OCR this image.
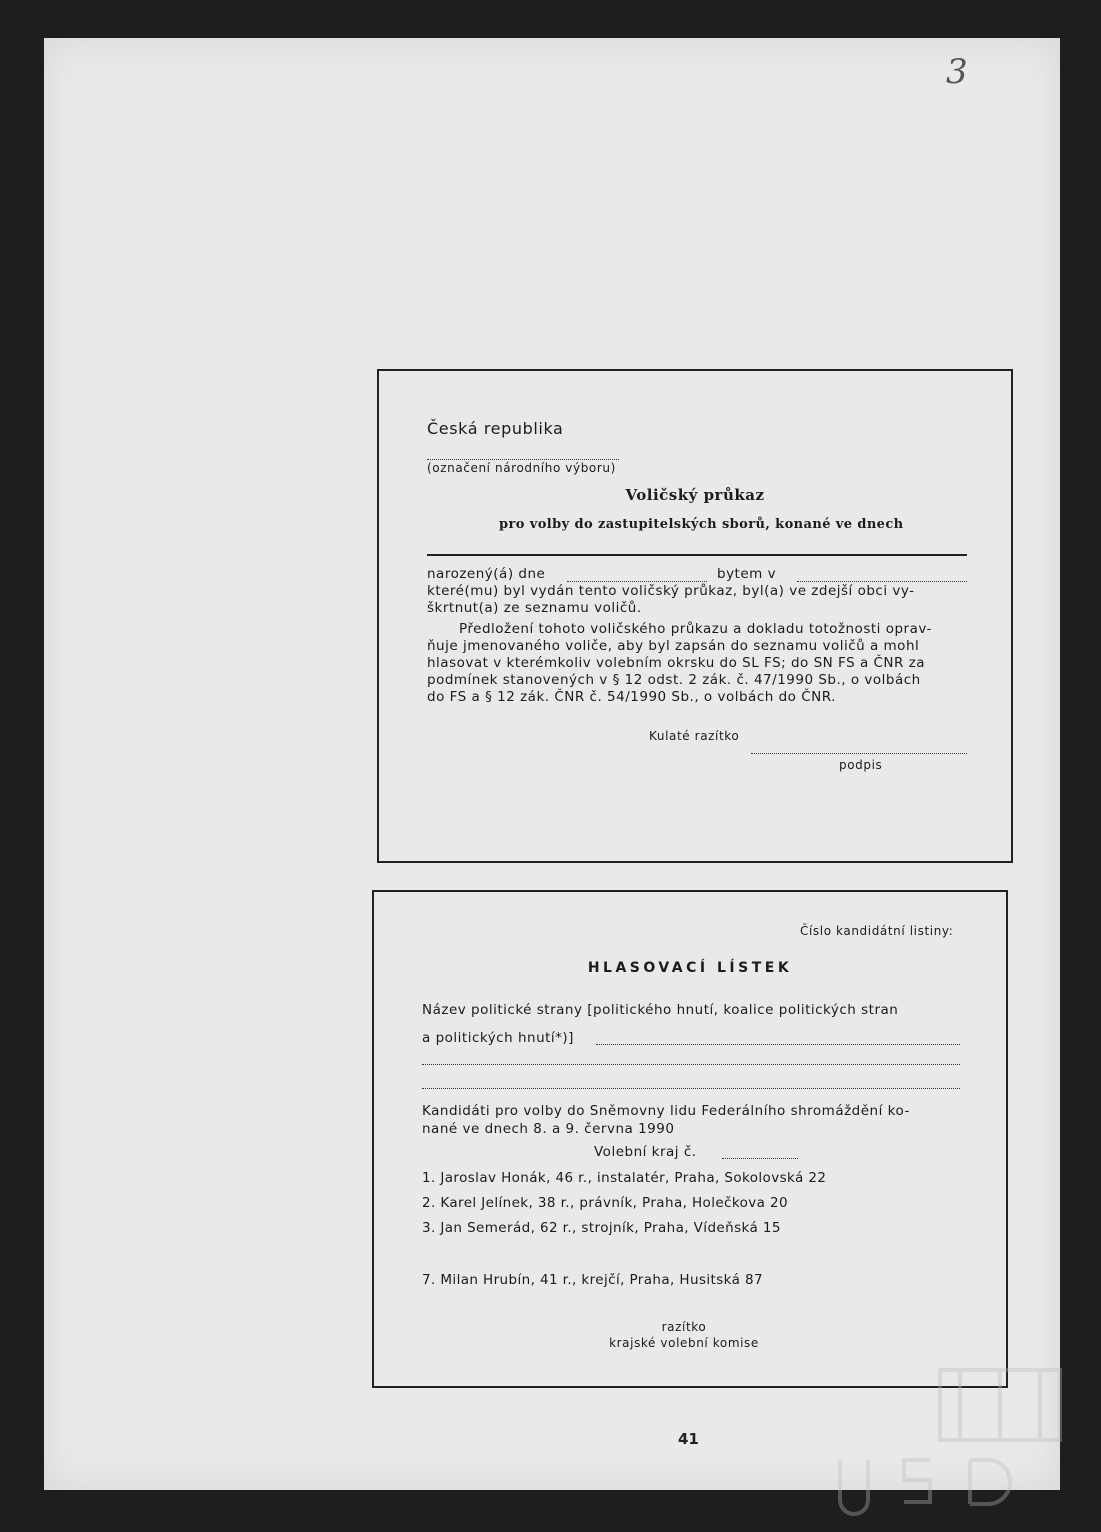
3
Česká republika
(označení národního výboru)
Voličský průkaz
pro volby do zastupitelských sborů, konané ve dnech
narozený(á) dne	bytem v
které(mu) byl vydán tento voličský průkaz, byl(a) ve zdejší obci vy-
škrtnut(a) ze seznamu voličů.
Předložení tohoto voličského průkazu a dokladu totožnosti oprav-
ňuje jmenovaného voliče, aby byl zapsán do seznamu voličů a mohl
hlasovat v kterémkoliv volebním okrsku do SL FS; do SN FS a ČNR za
podmínek stanovených v § 12 odst. 2 zák. č. 47/1990 Sb., o volbách
do FS a § 12 zák. ČNR č. 54/1990 Sb., o volbách do ČNR.
Kulaté razítko
podpis
Číslo kandidátní listiny:
HLASOVACÍ LÍSTEK
Název politické strany [politického hnutí, koalice politických stran
a politických hnutí*)]
Kandidáti pro volby do Sněmovny lidu Federálního shromáždění ko-
nané ve dnech 8. a 9. června 1990
Volební kraj č.
1. Jaroslav Honák, 46 r., instalatér, Praha, Sokolovská 22
2. Karel Jelínek, 38 r., právník, Praha, Holečkova 20
3. Jan Semerád, 62 r., strojník, Praha, Vídeňská 15
7. Milan Hrubín, 41 r., krejčí, Praha, Husitská 87
razítko
krajské volební komise
41
